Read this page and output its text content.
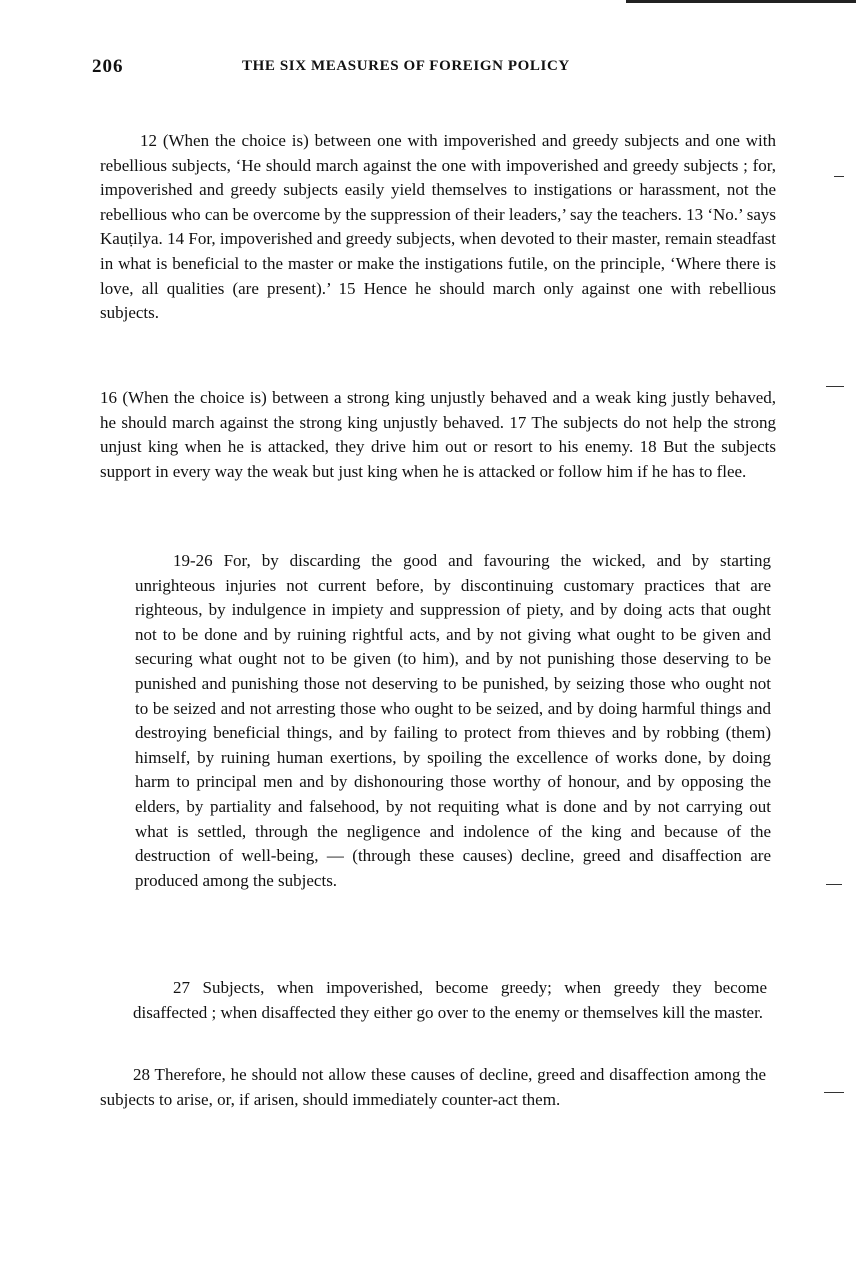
206	THE SIX MEASURES OF FOREIGN POLICY

12 (When the choice is) between one with impoverished and greedy subjects and one with rebellious subjects, ‘He should march against the one with impoverished and greedy subjects ; for, impoverished and greedy subjects easily yield themselves to instigations or harassment, not the rebellious who can be overcome by the suppression of their leaders,’ say the teachers. 13 ‘No.’ says Kauṭilya. 14 For, impoverished and greedy subjects, when devoted to their master, remain steadfast in what is beneficial to the master or make the instigations futile, on the principle, ‘Where there is love, all qualities (are present).’ 15 Hence he should march only against one with rebellious subjects.

16 (When the choice is) between a strong king unjustly behaved and a weak king justly behaved, he should march against the strong king unjustly behaved. 17 The subjects do not help the strong unjust king when he is attacked, they drive him out or resort to his enemy. 18 But the subjects support in every way the weak but just king when he is attacked or follow him if he has to flee.

19-26 For, by discarding the good and favouring the wicked, and by starting unrighteous injuries not current before, by discontinuing customary practices that are righteous, by indulgence in impiety and suppression of piety, and by doing acts that ought not to be done and by ruining rightful acts, and by not giving what ought to be given and securing what ought not to be given (to him), and by not punishing those deserving to be punished and punishing those not deserving to be punished, by seizing those who ought not to be seized and not arresting those who ought to be seized, and by doing harmful things and destroying beneficial things, and by failing to protect from thieves and by robbing (them) himself, by ruining human exertions, by spoiling the excellence of works done, by doing harm to principal men and by dishonouring those worthy of honour, and by opposing the elders, by partiality and falsehood, by not requiting what is done and by not carrying out what is settled, through the negligence and indolence of the king and because of the destruction of well-being, — (through these causes) decline, greed and disaffection are produced among the subjects.

27 Subjects, when impoverished, become greedy; when greedy they become disaffected ; when disaffected they either go over to the enemy or themselves kill the master.

28 Therefore, he should not allow these causes of decline, greed and disaffection among the subjects to arise, or, if arisen, should immediately counter-act them.
